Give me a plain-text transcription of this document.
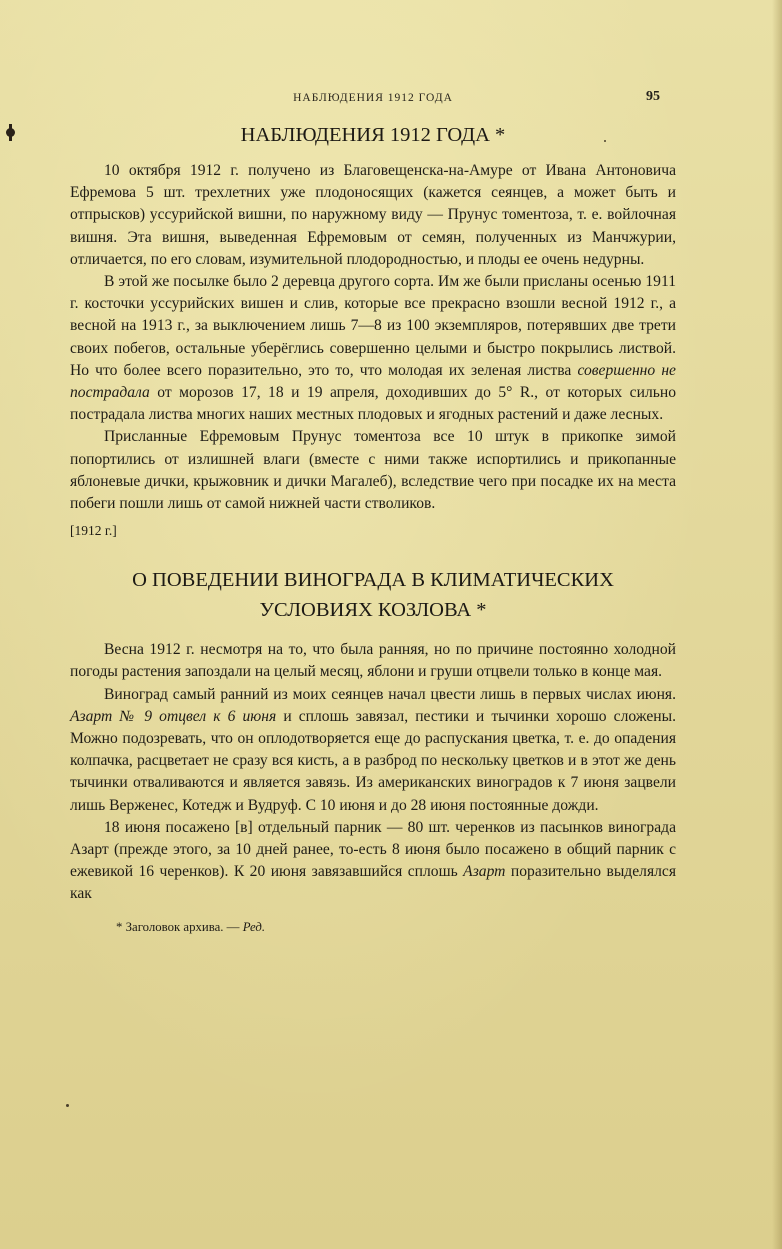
НАБЛЮДЕНИЯ 1912 ГОДА	95
НАБЛЮДЕНИЯ 1912 ГОДА *

10 октября 1912 г. получено из Благовещенска-на-Амуре от Ивана Антоновича Ефремова 5 шт. трехлетних уже плодоносящих (кажется сеянцев, а может быть и отпрысков) уссурийской вишни, по наружному виду — Прунус томентоза, т. е. войлочная вишня. Эта вишня, выведенная Ефремовым от семян, полученных из Манчжурии, отличается, по его словам, изумительной плодородностью, и плоды ее очень недурны.

В этой же посылке было 2 деревца другого сорта. Им же были присланы осенью 1911 г. косточки уссурийских вишен и слив, которые все прекрасно взошли весной 1912 г., а весной на 1913 г., за выключением лишь 7—8 из 100 экземпляров, потерявших две трети своих побегов, остальные уберёглись совершенно целыми и быстро покрылись листвой. Но что более всего поразительно, это то, что молодая их зеленая листва совершенно не пострадала от морозов 17, 18 и 19 апреля, доходивших до 5° R., от которых сильно пострадала листва многих наших местных плодовых и ягодных растений и даже лесных.

Присланные Ефремовым Прунус томентоза все 10 штук в прикопке зимой попортились от излишней влаги (вместе с ними также испортились и прикопанные яблоневые дички, крыжовник и дички Магалеб), вследствие чего при посадке их на места побеги пошли лишь от самой нижней части стволиков.

[1912 г.]
О ПОВЕДЕНИИ ВИНОГРАДА В КЛИМАТИЧЕСКИХ
УСЛОВИЯХ КОЗЛОВА *

Весна 1912 г. несмотря на то, что была ранняя, но по причине постоянно холодной погоды растения запоздали на целый месяц, яблони и груши отцвели только в конце мая.

Виноград самый ранний из моих сеянцев начал цвести лишь в первых числах июня. Азарт № 9 отцвел к 6 июня и сплошь завязал, пестики и тычинки хорошо сложены. Можно подозревать, что он оплодотворяется еще до распускания цветка, т. е. до опадения колпачка, расцветает не сразу вся кисть, а в разброд по нескольку цветков и в этот же день тычинки отваливаются и является завязь. Из американских виноградов к 7 июня зацвели лишь Верженес, Котедж и Вудруф. С 10 июня и до 28 июня постоянные дожди.

18 июня посажено [в] отдельный парник — 80 шт. черенков из пасынков винограда Азарт (прежде этого, за 10 дней ранее, то-есть 8 июня было посажено в общий парник с ежевикой 16 черенков). К 20 июня завязавшийся сплошь Азарт поразительно выделялся как

* Заголовок архива. — Ред.
